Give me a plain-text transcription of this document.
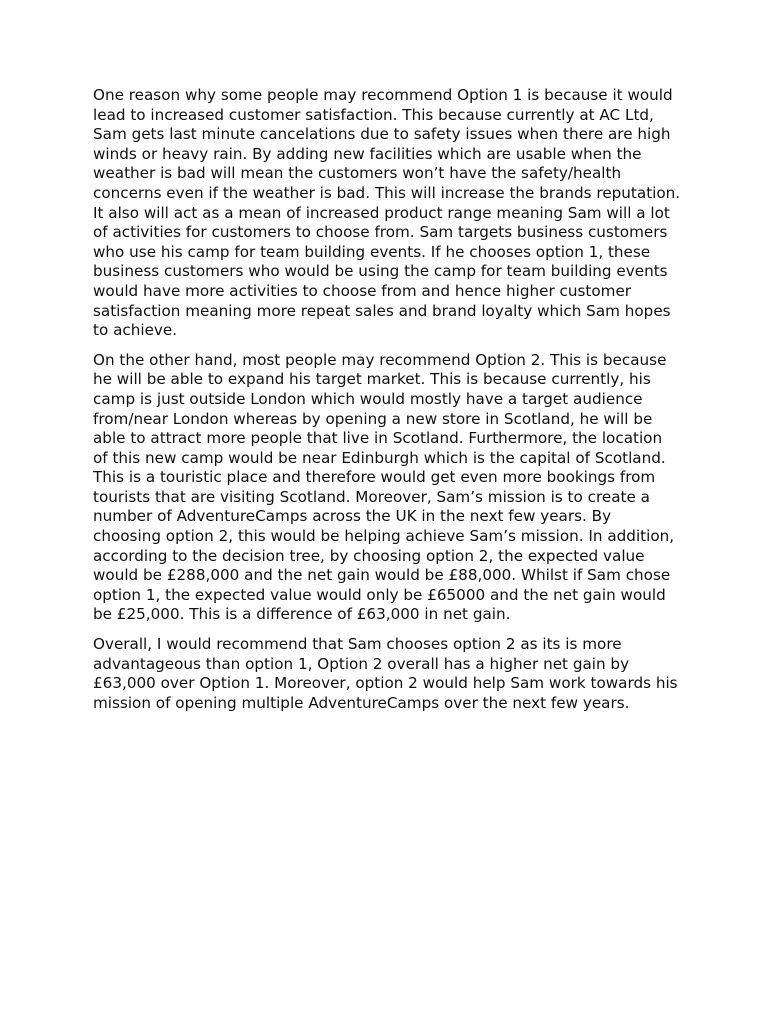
One reason why some people may recommend Option 1 is because it would lead to increased customer satisfaction. This because currently at AC Ltd, Sam gets last minute cancelations due to safety issues when there are high winds or heavy rain. By adding new facilities which are usable when the weather is bad will mean the customers won’t have the safety/health concerns even if the weather is bad. This will increase the brands reputation. It also will act as a mean of increased product range meaning Sam will a lot of activities for customers to choose from. Sam targets business customers who use his camp for team building events. If he chooses option 1, these business customers who would be using the camp for team building events would have more activities to choose from and hence higher customer satisfaction meaning more repeat sales and brand loyalty which Sam hopes to achieve.

On the other hand, most people may recommend Option 2. This is because he will be able to expand his target market. This is because currently, his camp is just outside London which would mostly have a target audience from/near London whereas by opening a new store in Scotland, he will be able to attract more people that live in Scotland. Furthermore, the location of this new camp would be near Edinburgh which is the capital of Scotland. This is a touristic place and therefore would get even more bookings from tourists that are visiting Scotland. Moreover, Sam’s mission is to create a number of AdventureCamps across the UK in the next few years. By choosing option 2, this would be helping achieve Sam’s mission. In addition, according to the decision tree, by choosing option 2, the expected value would be £288,000 and the net gain would be £88,000. Whilst if Sam chose option 1, the expected value would only be £65000 and the net gain would be £25,000. This is a difference of £63,000 in net gain.

Overall, I would recommend that Sam chooses option 2 as its is more advantageous than option 1, Option 2 overall has a higher net gain by £63,000 over Option 1. Moreover, option 2 would help Sam work towards his mission of opening multiple AdventureCamps over the next few years.
